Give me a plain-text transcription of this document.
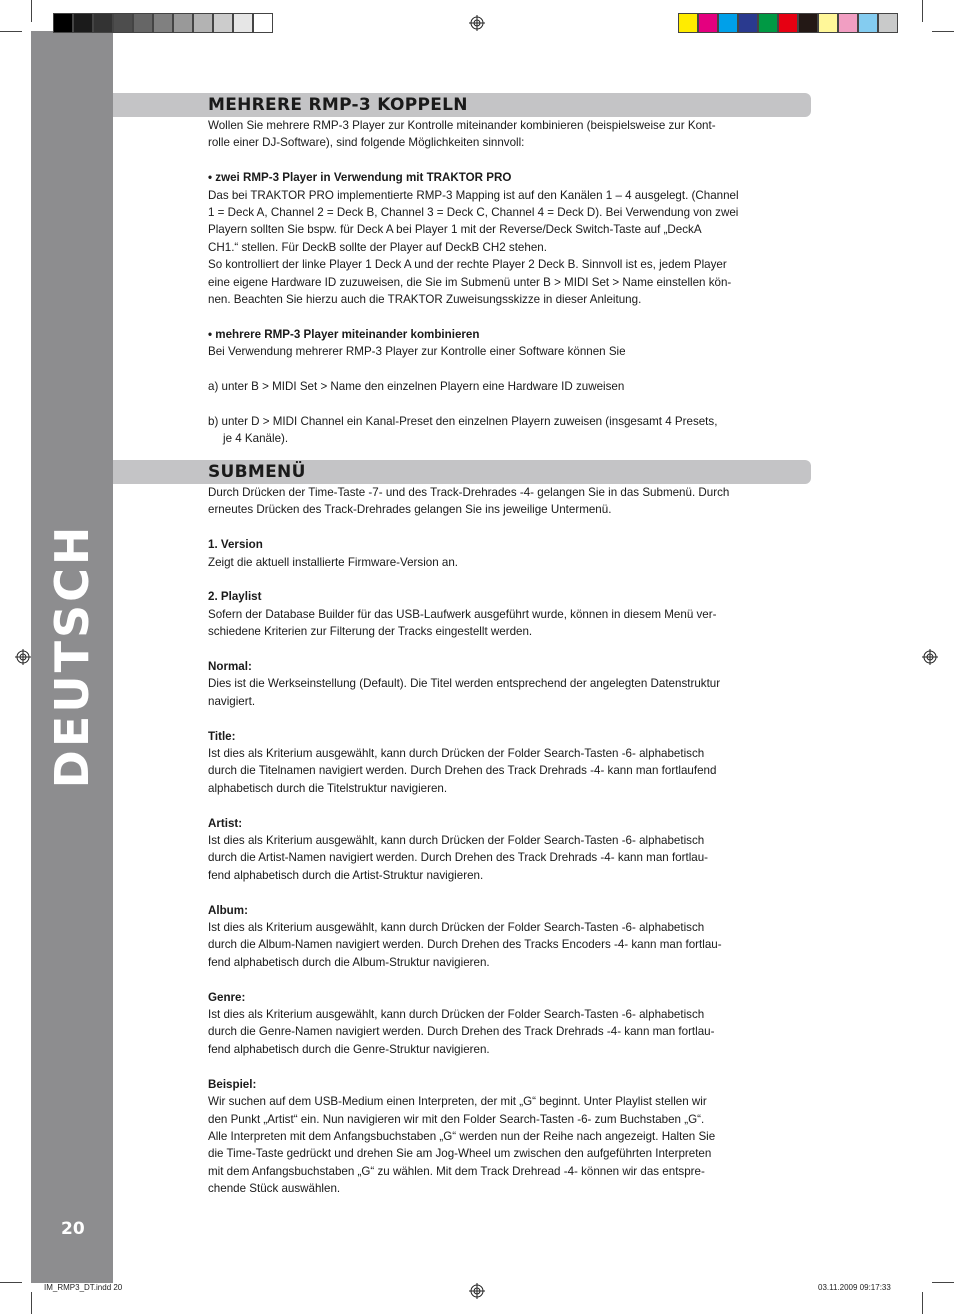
DEUTSCH
20
MEHRERE RMP-3 KOPPELN

Wollen Sie mehrere RMP-3 Player zur Kontrolle miteinander kombinieren (beispielsweise zur Kont-

rolle einer DJ-Software), sind folgende Möglichkeiten sinnvoll:

• zwei RMP-3 Player in Verwendung mit TRAKTOR PRO

Das bei TRAKTOR PRO implementierte RMP-3 Mapping ist auf den Kanälen 1 – 4 ausgelegt. (Channel

1 = Deck A, Channel 2 = Deck B, Channel 3 = Deck C, Channel 4 = Deck D). Bei Verwendung von zwei

Playern sollten Sie bspw. für Deck A bei Player 1 mit der Reverse/Deck Switch-Taste auf „DeckA

CH1.“ stellen. Für DeckB sollte der Player auf DeckB CH2 stehen.

So kontrolliert der linke Player 1 Deck A und der rechte Player 2 Deck B. Sinnvoll ist es, jedem Player

eine eigene Hardware ID zuzuweisen, die Sie im Submenü unter B > MIDI Set > Name einstellen kön-

nen. Beachten Sie hierzu auch die TRAKTOR Zuweisungsskizze in dieser Anleitung.

• mehrere RMP-3 Player miteinander kombinieren

Bei Verwendung mehrerer RMP-3 Player zur Kontrolle einer Software können Sie

a) unter B > MIDI Set > Name den einzelnen Playern eine Hardware ID zuweisen

b) unter D > MIDI Channel ein Kanal-Preset den einzelnen Playern zuweisen (insgesamt 4 Presets,

je 4 Kanäle).

SUBMENÜ

Durch Drücken der Time-Taste -7- und des Track-Drehrades -4- gelangen Sie in das Submenü. Durch

erneutes Drücken des Track-Drehrades gelangen Sie ins jeweilige Untermenü.

1. Version

Zeigt die aktuell installierte Firmware-Version an.

2. Playlist

Sofern der Database Builder für das USB-Laufwerk ausgeführt wurde, können in diesem Menü ver-

schiedene Kriterien zur Filterung der Tracks eingestellt werden.

Normal:

Dies ist die Werkseinstellung (Default). Die Titel werden entsprechend der angelegten Datenstruktur

navigiert.

Title:

Ist dies als Kriterium ausgewählt, kann durch Drücken der Folder Search-Tasten -6- alphabetisch

durch die Titelnamen navigiert werden. Durch Drehen des Track Drehrads -4- kann man fortlaufend

alphabetisch durch die Titelstruktur navigieren.

Artist:

Ist dies als Kriterium ausgewählt, kann durch Drücken der Folder Search-Tasten -6- alphabetisch

durch die Artist-Namen navigiert werden. Durch Drehen des Track Drehrads -4- kann man fortlau-

fend alphabetisch durch die Artist-Struktur navigieren.

Album:

Ist dies als Kriterium ausgewählt, kann durch Drücken der Folder Search-Tasten -6- alphabetisch

durch die Album-Namen navigiert werden. Durch Drehen des Tracks Encoders -4- kann man fortlau-

fend alphabetisch durch die Album-Struktur navigieren.

Genre:

Ist dies als Kriterium ausgewählt, kann durch Drücken der Folder Search-Tasten -6- alphabetisch

durch die Genre-Namen navigiert werden. Durch Drehen des Track Drehrads -4- kann man fortlau-

fend alphabetisch durch die Genre-Struktur navigieren.

Beispiel:

Wir suchen auf dem USB-Medium einen Interpreten, der mit „G“ beginnt. Unter Playlist stellen wir

den Punkt „Artist“ ein. Nun navigieren wir mit den Folder Search-Tasten -6- zum Buchstaben „G“.

Alle Interpreten mit dem Anfangsbuchstaben „G“ werden nun der Reihe nach angezeigt. Halten Sie

die Time-Taste gedrückt und drehen Sie am Jog-Wheel um zwischen den aufgeführten Interpreten

mit dem Anfangsbuchstaben „G“ zu wählen. Mit dem Track Drehread -4- können wir das entspre-

chende Stück auswählen.

IM_RMP3_DT.indd 20	03.11.2009 09:17:33
